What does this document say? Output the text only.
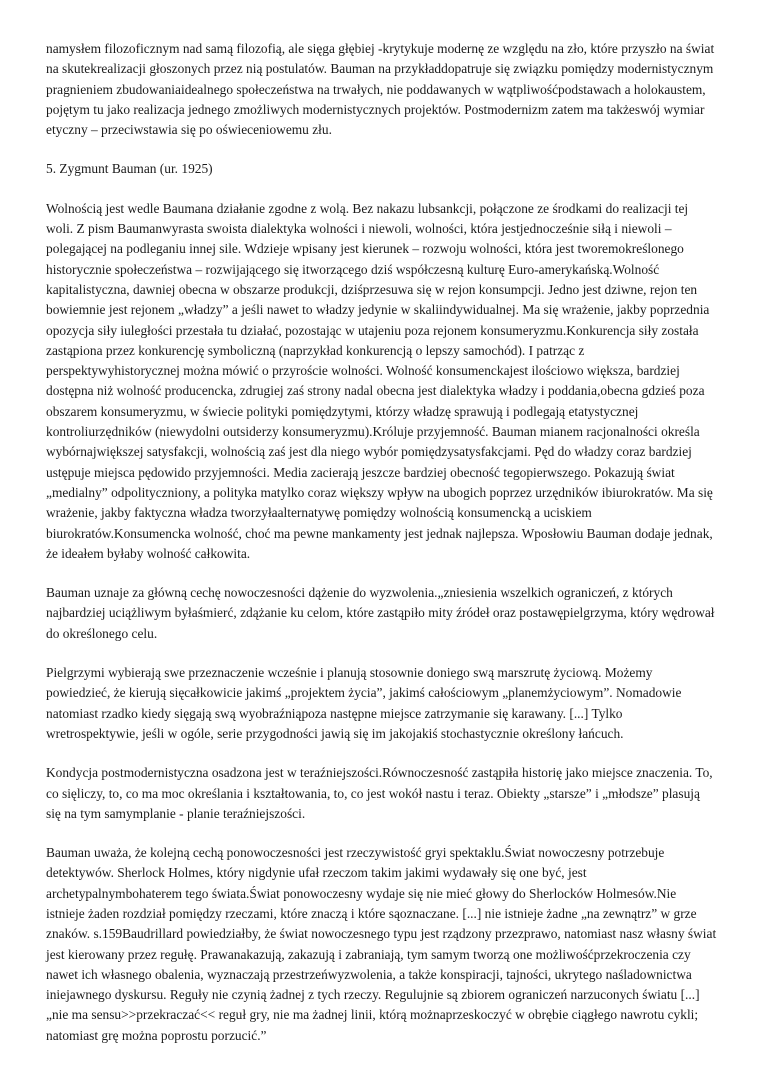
namysłem filozoficznym nad samą filozofią, ale sięga głębiej -krytykuje modernę ze względu na zło, które przyszło na świat na skutekrealizacji głoszonych przez nią postulatów. Bauman na przykładdopatruje się związku pomiędzy modernistycznym pragnieniem zbudowaniaidealnego społeczeństwa na trwałych, nie poddawanych w wątpliwośćpodstawach a holokaustem, pojętym tu jako realizacja jednego zmożliwych modernistycznych projektów. Postmodernizm zatem ma takżeswój wymiar etyczny – przeciwstawia się po oświeceniowemu złu.

5. Zygmunt Bauman (ur. 1925)

Wolnością jest wedle Baumana działanie zgodne z wolą. Bez nakazu lubsankcji, połączone ze środkami do realizacji tej woli. Z pism Baumanwyrasta swoista dialektyka wolności i niewoli, wolności, która jestjednocześnie siłą i niewoli – polegającej na podleganiu innej sile. Wdzieje wpisany jest kierunek – rozwoju wolności, która jest tworemokreślonego historycznie społeczeństwa – rozwijającego się itworzącego dziś współczesną kulturę Euro-amerykańską.Wolność kapitalistyczna, dawniej obecna w obszarze produkcji, dziśprzesuwa się w rejon konsumpcji. Jedno jest dziwne, rejon ten bowiemnie jest rejonem „władzy” a jeśli nawet to władzy jedynie w skaliindywidualnej. Ma się wrażenie, jakby poprzednia opozycja siły iuległości przestała tu działać, pozostając w utajeniu poza rejonem konsumeryzmu.Konkurencja siły została zastąpiona przez konkurencję symboliczną (naprzykład konkurencją o lepszy samochód). I patrząc z perspektywyhistorycznej można mówić o przyroście wolności. Wolność konsumenckajest ilościowo większa, bardziej dostępna niż wolność producencka, zdrugiej zaś strony nadal obecna jest dialektyka władzy i poddania,obecna gdzieś poza obszarem konsumeryzmu, w świecie polityki pomiędzytymi, którzy władzę sprawują i podlegają etatystycznej kontroliurzędników (niewydolni outsiderzy konsumeryzmu).Króluje przyjemność. Bauman mianem racjonalności określa wybórnajwiększej satysfakcji, wolnością zaś jest dla niego wybór pomiędzysatysfakcjami. Pęd do władzy coraz bardziej ustępuje miejsca pędowido przyjemności. Media zacierają jeszcze bardziej obecność tegopierwszego. Pokazują świat „medialny” odpolityczniony, a polityka matylko coraz większy wpływ na ubogich poprzez urzędników ibiurokratów. Ma się wrażenie, jakby faktyczna władza tworzyłaalternatywę pomiędzy wolnością konsumencką a uciskiem biurokratów.Konsumencka wolność, choć ma pewne mankamenty jest jednak najlepsza. Wposłowiu Bauman dodaje jednak, że ideałem byłaby wolność całkowita.

Bauman uznaje za główną cechę nowoczesności dążenie do wyzwolenia.„zniesienia wszelkich ograniczeń, z których najbardziej uciążliwym byłaśmierć, zdążanie ku celom, które zastąpiło mity źródeł oraz postawępielgrzyma, który wędrował do określonego celu.

Pielgrzymi wybierają swe przeznaczenie wcześnie i planują stosownie doniego swą marszrutę życiową. Możemy powiedzieć, że kierują sięcałkowicie jakimś „projektem życia”, jakimś całościowym „planemżyciowym”. Nomadowie natomiast rzadko kiedy sięgają swą wyobraźniąpoza następne miejsce zatrzymanie się karawany. [...] Tylko wretrospektywie, jeśli w ogóle, serie przygodności jawią się im jakojakiś stochastycznie określony łańcuch.

Kondycja postmodernistyczna osadzona jest w teraźniejszości.Równoczesność zastąpiła historię jako miejsce znaczenia. To, co sięliczy, to, co ma moc określania i kształtowania, to, co jest wokół nastu i teraz. Obiekty „starsze” i „młodsze” plasują się na tym samymplanie - planie teraźniejszości.

Bauman uważa, że kolejną cechą ponowoczesności jest rzeczywistość gryi spektaklu.Świat nowoczesny potrzebuje detektywów. Sherlock Holmes, który nigdynie ufał rzeczom takim jakimi wydawały się one być, jest archetypalnymbohaterem tego świata.Świat ponowoczesny wydaje się nie mieć głowy do Sherlocków Holmesów.Nie istnieje żaden rozdział pomiędzy rzeczami, które znaczą i które sąoznaczane. [...] nie istnieje żadne „na zewnątrz” w grze znaków. s.159Baudrillard powiedziałby, że świat nowoczesnego typu jest rządzony przezprawo, natomiast nasz własny świat jest kierowany przez regułę. Prawanakazują, zakazują i zabraniają, tym samym tworzą one możliwośćprzekroczenia czy nawet ich własnego obalenia, wyznaczają przestrzeńwyzwolenia, a także konspiracji, tajności, ukrytego naśladownictwa iniejawnego dyskursu. Reguły nie czynią żadnej z tych rzeczy. Regulujnie są zbiorem ograniczeń narzuconych światu [...] „nie ma sensu>>przekraczać<< reguł gry, nie ma żadnej linii, którą możnaprzeskoczyć w obrębie ciągłego nawrotu cykli; natomiast grę można poprostu porzucić.”
